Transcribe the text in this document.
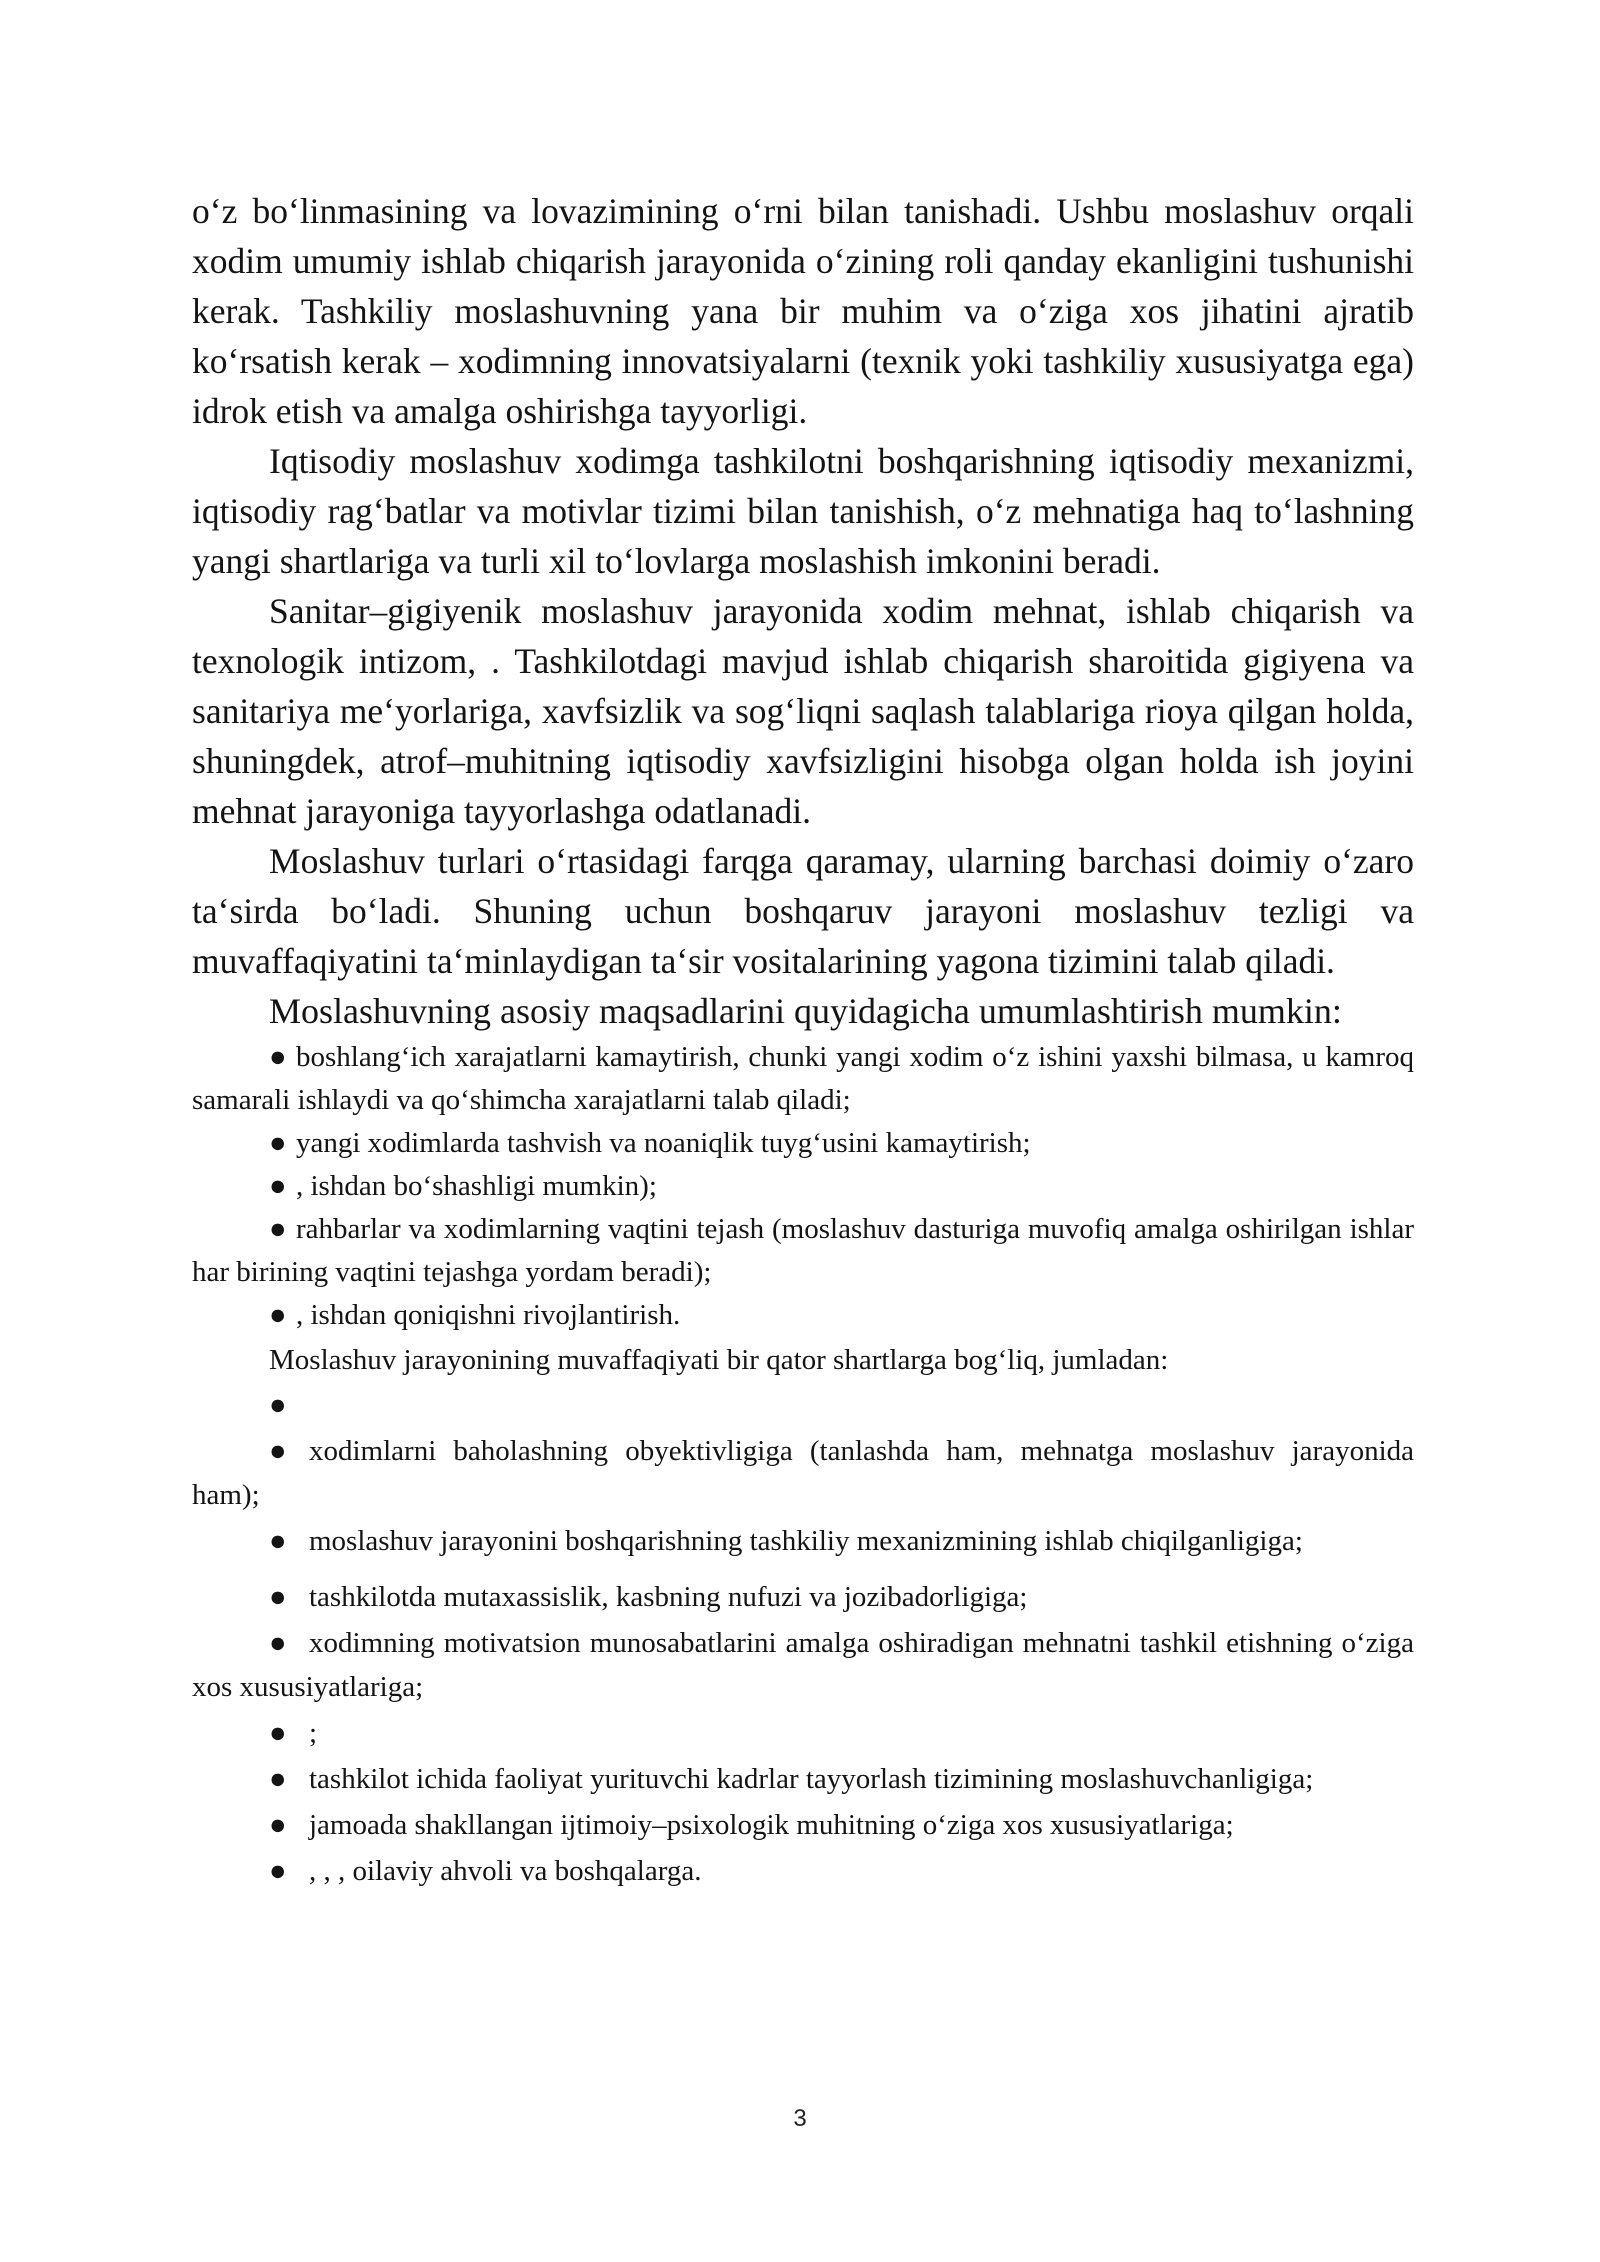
o‘z bo‘linmasining va lovazimining o‘rni bilan tanishadi. Ushbu moslashuv orqali xodim umumiy ishlab chiqarish jarayonida o‘zining roli qanday ekanligini tushunishi kerak. Tashkiliy moslashuvning yana bir muhim va o‘ziga xos jihatini ajratib ko‘rsatish kerak – xodimning innovatsiyalarni (texnik yoki tashkiliy xususiyatga ega) idrok etish va amalga oshirishga tayyorligi.

Iqtisodiy moslashuv xodimga tashkilotni boshqarishning iqtisodiy mexanizmi, iqtisodiy rag‘batlar va motivlar tizimi bilan tanishish, o‘z mehnatiga haq to‘lashning yangi shartlariga va turli xil to‘lovlarga moslashish imkonini beradi.

Sanitar–gigiyenik moslashuv jarayonida xodim mehnat, ishlab chiqarish va texnologik intizom, . Tashkilotdagi mavjud ishlab chiqarish sharoitida gigiyena va sanitariya me‘yorlariga, xavfsizlik va sog‘liqni saqlash talablariga rioya qilgan holda, shuningdek, atrof–muhitning iqtisodiy xavfsizligini hisobga olgan holda ish joyini mehnat jarayoniga tayyorlashga odatlanadi.

Moslashuv turlari o‘rtasidagi farqga qaramay, ularning barchasi doimiy o‘zaro ta‘sirda bo‘ladi. Shuning uchun boshqaruv jarayoni moslashuv tezligi va muvaffaqiyatini ta‘minlaydigan ta‘sir vositalarining yagona tizimini talab qiladi.

Moslashuvning asosiy maqsadlarini quyidagicha umumlashtirish mumkin:

● boshlang‘ich xarajatlarni kamaytirish, chunki yangi xodim o‘z ishini yaxshi bilmasa, u kamroq samarali ishlaydi va qo‘shimcha xarajatlarni talab qiladi;

● yangi xodimlarda tashvish va noaniqlik tuyg‘usini kamaytirish;

● , ishdan bo‘shashligi mumkin);

● rahbarlar va xodimlarning vaqtini tejash (moslashuv dasturiga muvofiq amalga oshirilgan ishlar har birining vaqtini tejashga yordam beradi);

● , ishdan qoniqishni rivojlantirish.

Moslashuv jarayonining muvaffaqiyati bir qator shartlarga bog‘liq, jumladan:

●

● xodimlarni baholashning obyektivligiga (tanlashda ham, mehnatga moslashuv jarayonida ham);

● moslashuv jarayonini boshqarishning tashkiliy mexanizmining ishlab chiqilganligiga;

● tashkilotda mutaxassislik, kasbning nufuzi va jozibadorligiga;

● xodimning motivatsion munosabatlarini amalga oshiradigan mehnatni tashkil etishning o‘ziga xos xususiyatlariga;

● ;

● tashkilot ichida faoliyat yurituvchi kadrlar tayyorlash tizimining moslashuvchanligiga;

● jamoada shakllangan ijtimoiy–psixologik muhitning o‘ziga xos xususiyatlariga;

● , , , oilaviy ahvoli va boshqalarga.

3
